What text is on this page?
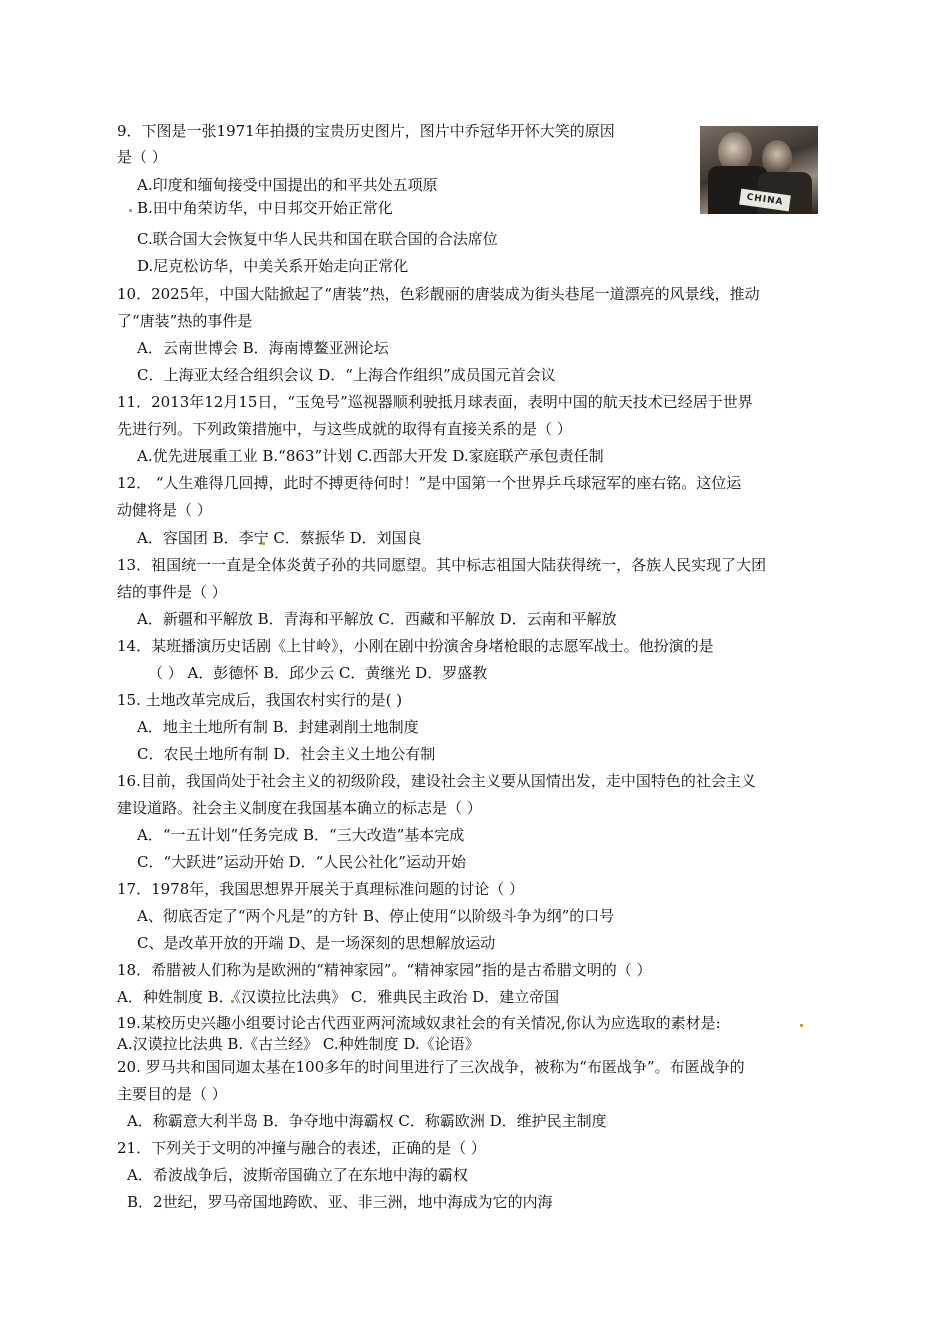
CHINA
9．下图是一张1971年拍摄的宝贵历史图片，图片中乔冠华开怀大笑的原因
是（ ）
A.印度和缅甸接受中国提出的和平共处五项原
B.田中角荣访华，中日邦交开始正常化
C.联合国大会恢复中华人民共和国在联合国的合法席位
D.尼克松访华，中美关系开始走向正常化
10．2025年，中国大陆掀起了“唐装”热，色彩靓丽的唐装成为街头巷尾一道漂亮的风景线，推动
了“唐装”热的事件是
A．云南世博会 B．海南博鳌亚洲论坛
C．上海亚太经合组织会议 D．“上海合作组织”成员国元首会议
11．2013年12月15日，“玉兔号”巡视器顺利驶抵月球表面，表明中国的航天技术已经居于世界
先进行列。下列政策措施中，与这些成就的取得有直接关系的是（ ）
A.优先进展重工业 B.“863”计划 C.西部大开发 D.家庭联产承包责任制
12． “人生难得几回搏，此时不搏更待何时！”是中国第一个世界乒乓球冠军的座右铭。这位运
动健将是（ ）
A．容国团 B．李宁 C．蔡振华 D．刘国良
13．祖国统一一直是全体炎黄子孙的共同愿望。其中标志祖国大陆获得统一，各族人民实现了大团
结的事件是（ ）
A．新疆和平解放 B．青海和平解放 C．西藏和平解放 D．云南和平解放
14．某班播演历史话剧《上甘岭》，小刚在剧中扮演舍身堵枪眼的志愿军战士。他扮演的是
（ ） A．彭德怀 B．邱少云 C．黄继光 D．罗盛教
15. 土地改革完成后，我国农村实行的是( )
A．地主土地所有制 B．封建剥削土地制度
C．农民土地所有制 D．社会主义土地公有制
16.目前，我国尚处于社会主义的初级阶段，建设社会主义要从国情出发，走中国特色的社会主义
建设道路。社会主义制度在我国基本确立的标志是（ ）
A．“一五计划”任务完成 B．“三大改造”基本完成
C．“大跃进”运动开始 D．“人民公社化”运动开始
17．1978年，我国思想界开展关于真理标准问题的讨论（ ）
A、彻底否定了“两个凡是”的方针 B、停止使用“以阶级斗争为纲”的口号
C、是改革开放的开端 D、是一场深刻的思想解放运动
18．希腊被人们称为是欧洲的“精神家园”。“精神家园”指的是古希腊文明的（ ）
A．种姓制度 B．《汉谟拉比法典》 C．雅典民主政治 D．建立帝国
19.某校历史兴趣小组要讨论古代西亚两河流域奴隶社会的有关情况,你认为应选取的素材是:
A.汉谟拉比法典 B.《古兰经》 C.种姓制度 D.《论语》
20. 罗马共和国同迦太基在100多年的时间里进行了三次战争，被称为“布匿战争”。布匿战争的
主要目的是（ ）
A．称霸意大利半岛 B．争夺地中海霸权 C．称霸欧洲 D．维护民主制度
21．下列关于文明的冲撞与融合的表述，正确的是（ ）
A．希波战争后，波斯帝国确立了在东地中海的霸权
B．2世纪，罗马帝国地跨欧、亚、非三洲，地中海成为它的内海
